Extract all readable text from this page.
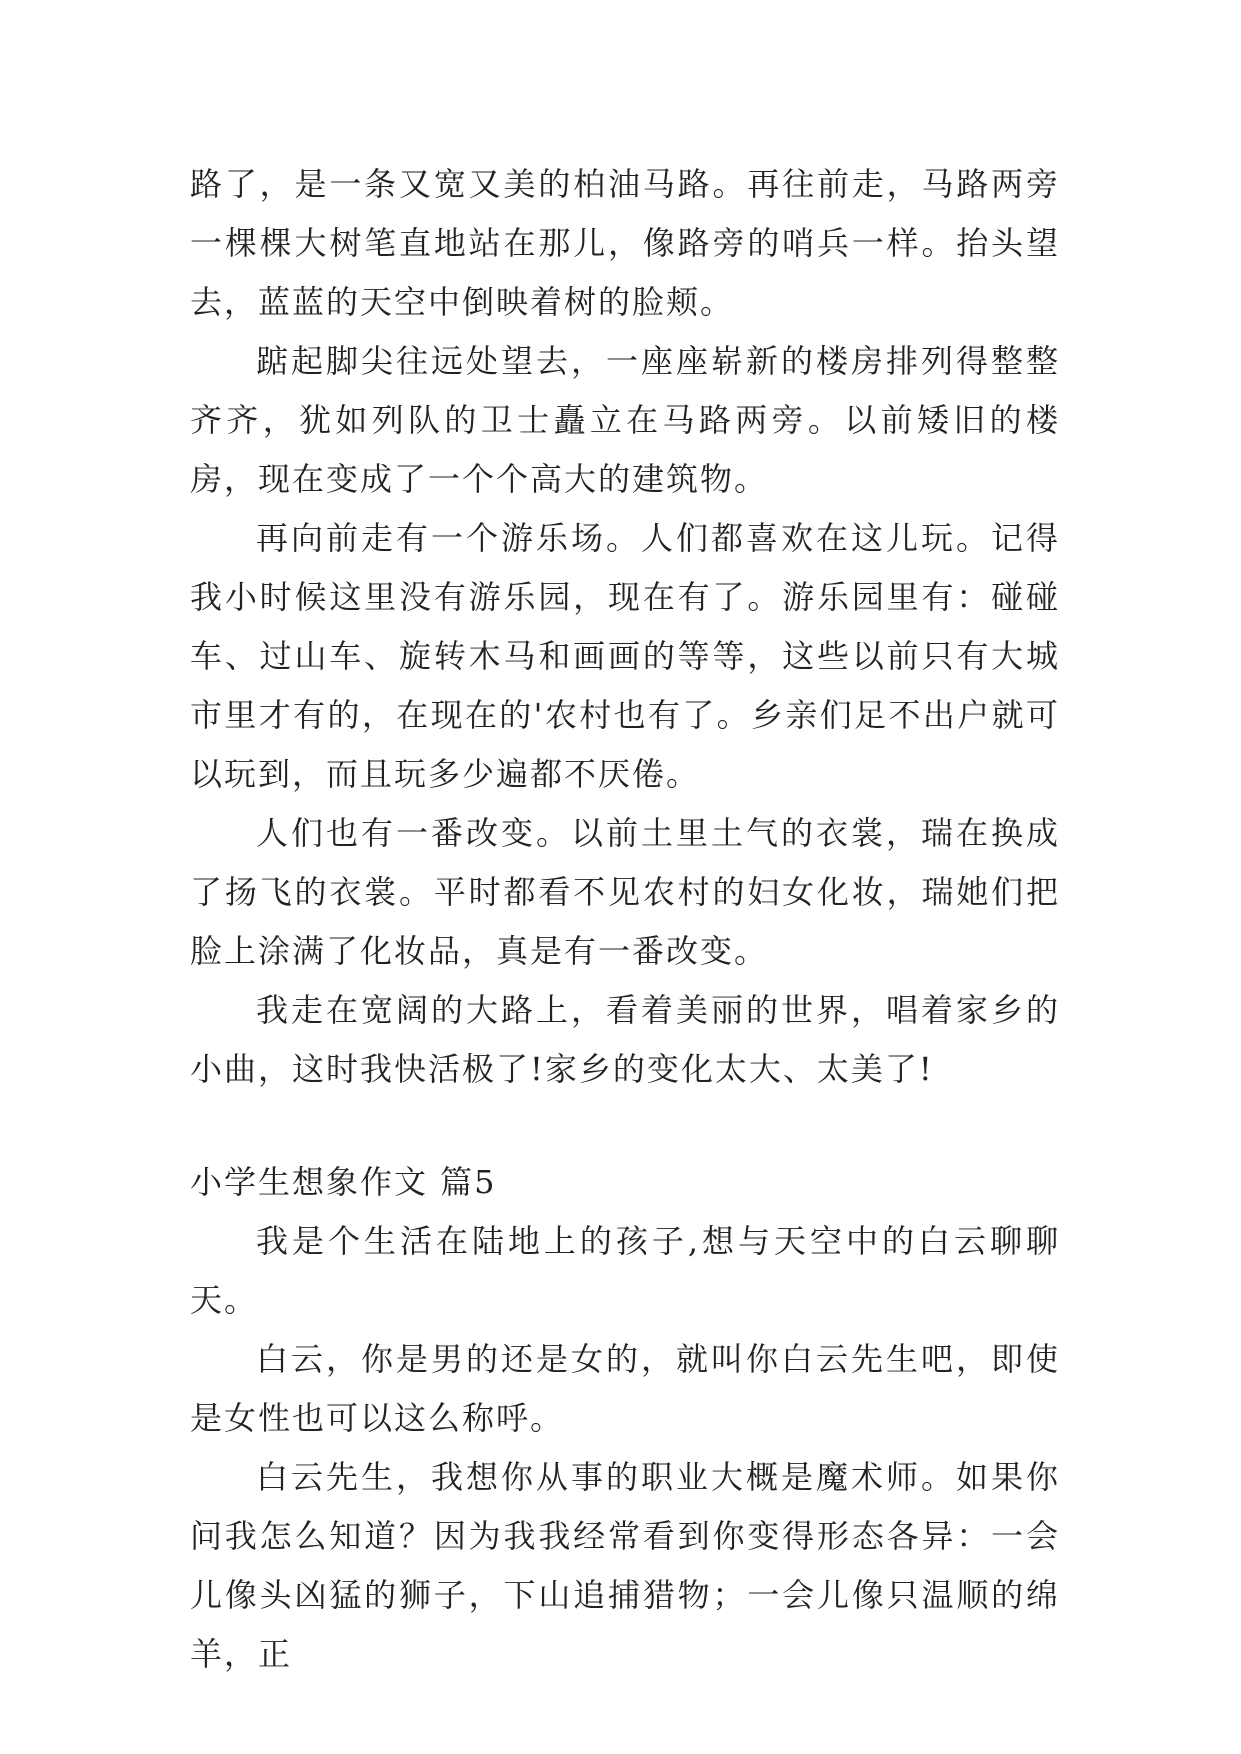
路了，是一条又宽又美的柏油马路。再往前走，马路两旁一棵棵大树笔直地站在那儿，像路旁的哨兵一样。抬头望去，蓝蓝的天空中倒映着树的脸颊。

踮起脚尖往远处望去，一座座崭新的楼房排列得整整齐齐，犹如列队的卫士矗立在马路两旁。以前矮旧的楼房，现在变成了一个个高大的建筑物。

再向前走有一个游乐场。人们都喜欢在这儿玩。记得我小时候这里没有游乐园，现在有了。游乐园里有：碰碰车、过山车、旋转木马和画画的等等，这些以前只有大城市里才有的，在现在的'农村也有了。乡亲们足不出户就可以玩到，而且玩多少遍都不厌倦。

人们也有一番改变。以前土里土气的衣裳，瑞在换成了扬飞的衣裳。平时都看不见农村的妇女化妆，瑞她们把脸上涂满了化妆品，真是有一番改变。

我走在宽阔的大路上，看着美丽的世界，唱着家乡的小曲，这时我快活极了!家乡的变化太大、太美了!

小学生想象作文 篇5

我是个生活在陆地上的孩子,想与天空中的白云聊聊天。

白云，你是男的还是女的，就叫你白云先生吧，即使是女性也可以这么称呼。

白云先生，我想你从事的职业大概是魔术师。如果你问我怎么知道？因为我我经常看到你变得形态各异：一会儿像头凶猛的狮子，下山追捕猎物；一会儿像只温顺的绵羊，正
